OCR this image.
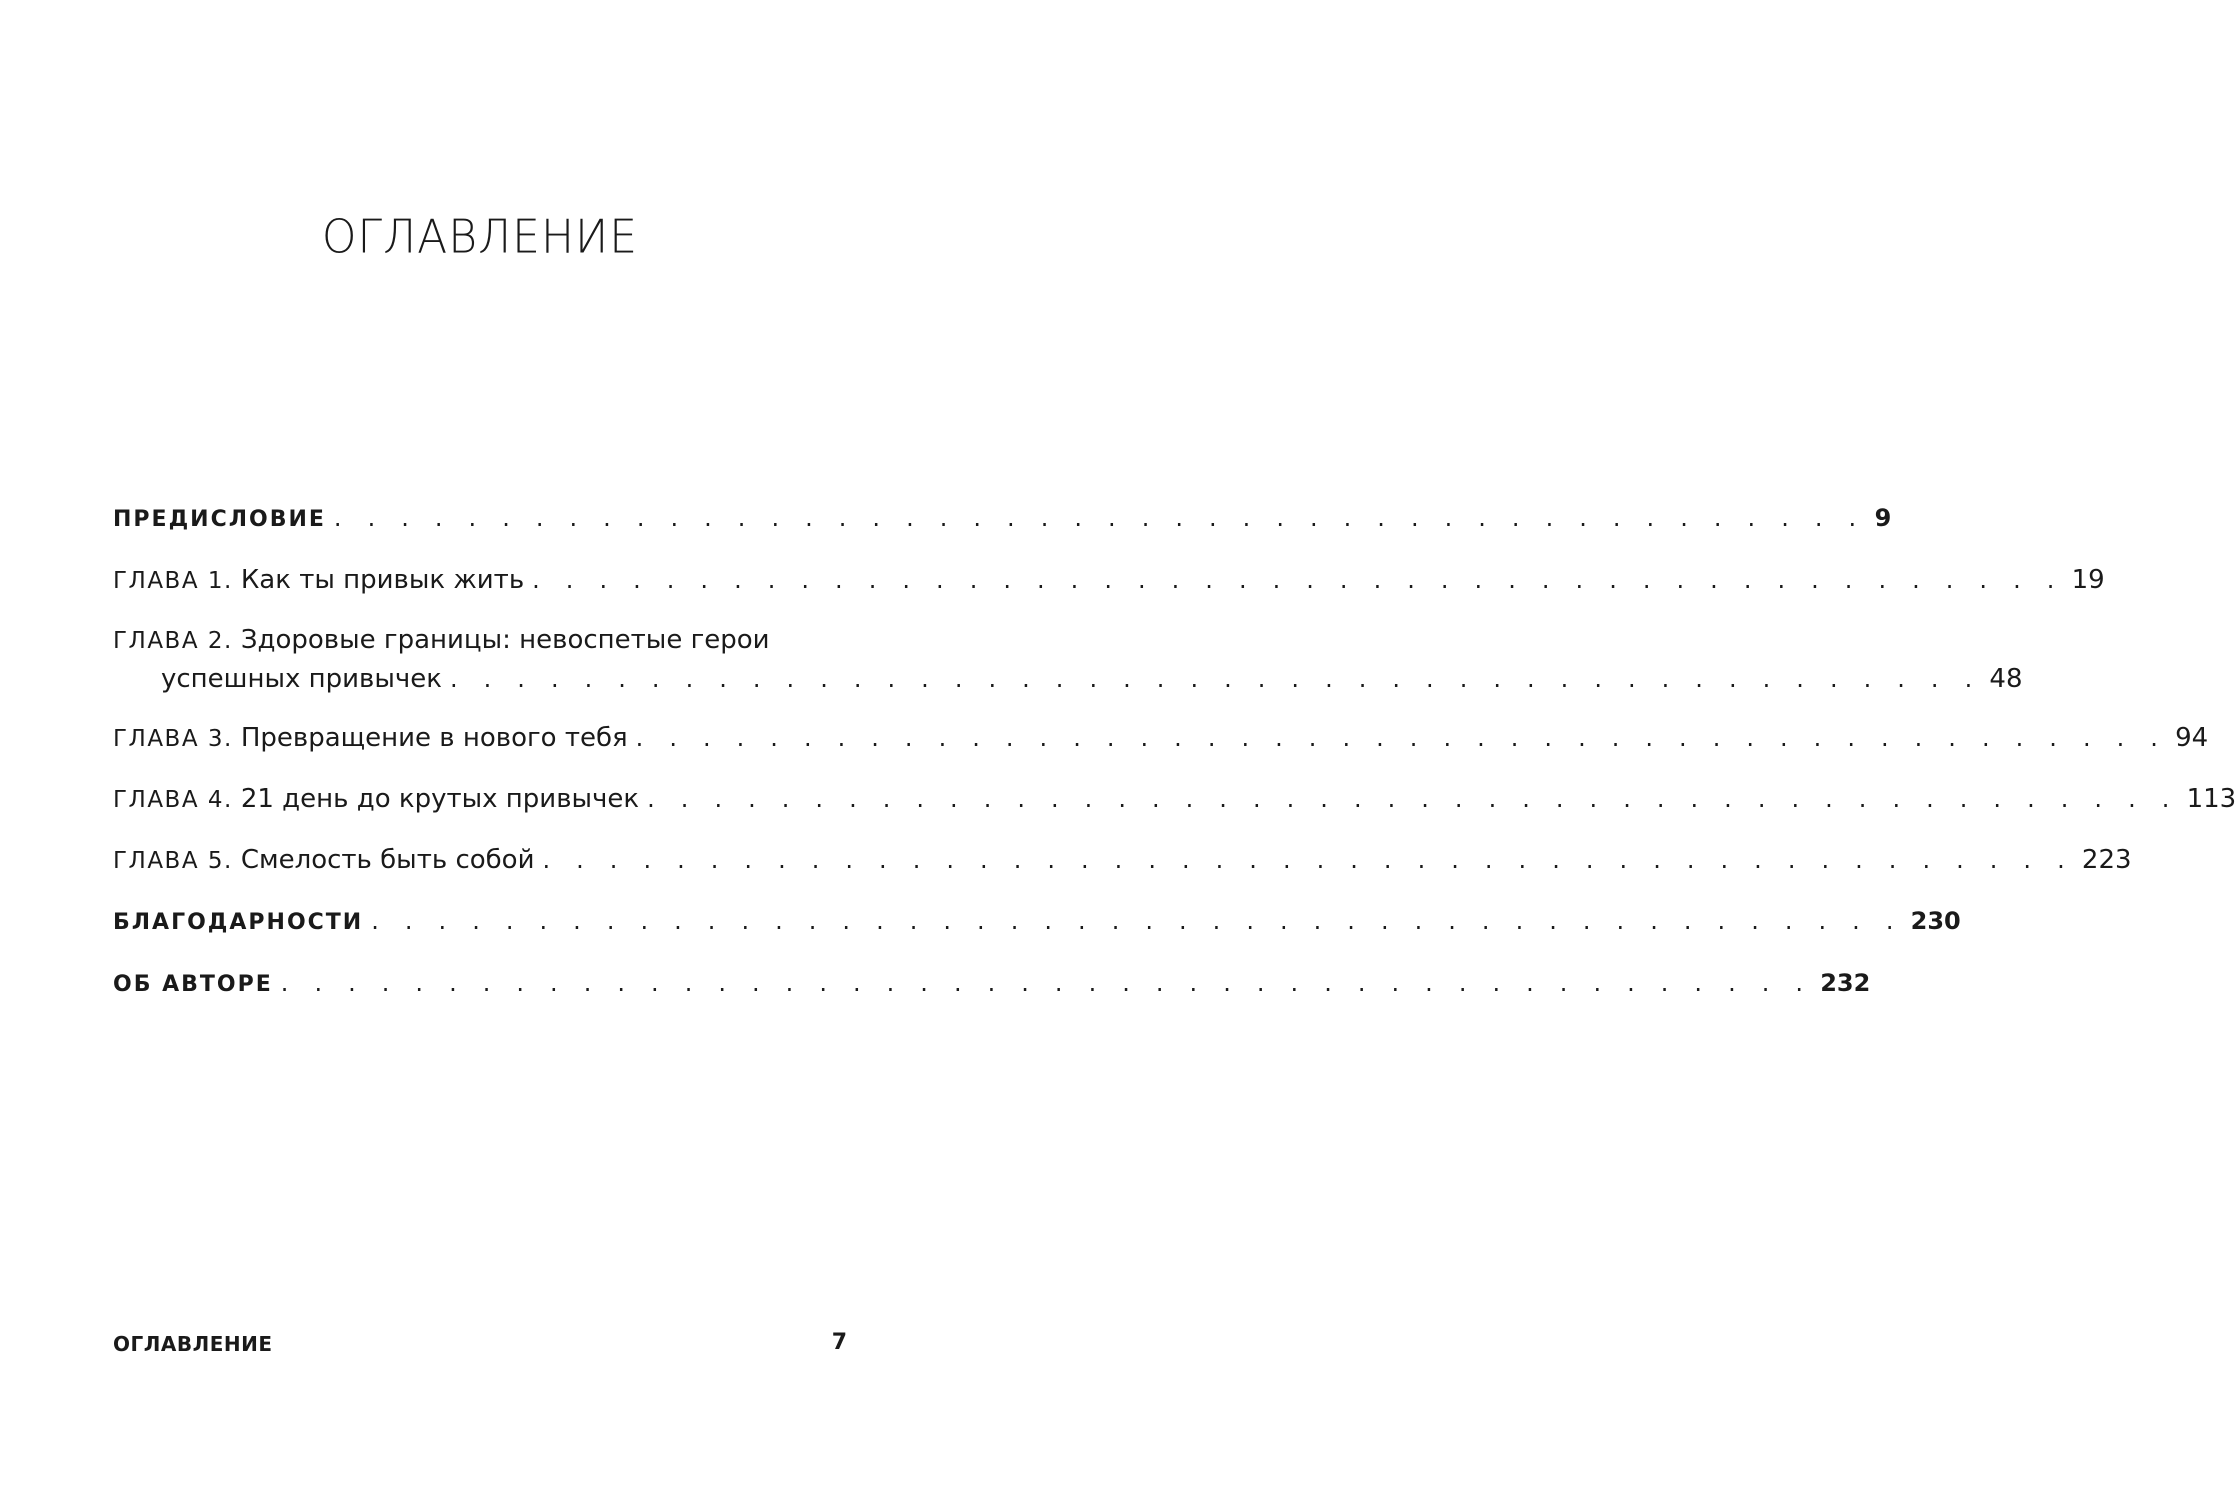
ОГЛАВЛЕНИЕ
ПРЕДИСЛОВИЕ . . . . . . . . . . . . . . . . . . . . . . . . . . . . . . . . . . . . . . . . . . . . . . 9
ГЛАВА 1. Как ты привык жить . . . . . . . . . . . . . . . . . . . . . . . . . . . . . . . . . . . . . . . . . . . . . . 19
ГЛАВА 2. Здоровые границы: невоспетые герои
успешных привычек . . . . . . . . . . . . . . . . . . . . . . . . . . . . . . . . . . . . . . . . . . . . . . 48
ГЛАВА 3. Превращение в нового тебя . . . . . . . . . . . . . . . . . . . . . . . . . . . . . . . . . . . . . . . . . . . . . . 94
ГЛАВА 4. 21 день до крутых привычек . . . . . . . . . . . . . . . . . . . . . . . . . . . . . . . . . . . . . . . . . . . . . . 113
ГЛАВА 5. Смелость быть собой . . . . . . . . . . . . . . . . . . . . . . . . . . . . . . . . . . . . . . . . . . . . . . 223
БЛАГОДАРНОСТИ . . . . . . . . . . . . . . . . . . . . . . . . . . . . . . . . . . . . . . . . . . . . . . 230
ОБ АВТОРЕ . . . . . . . . . . . . . . . . . . . . . . . . . . . . . . . . . . . . . . . . . . . . . . 232
ОГЛАВЛЕНИЕ	7
